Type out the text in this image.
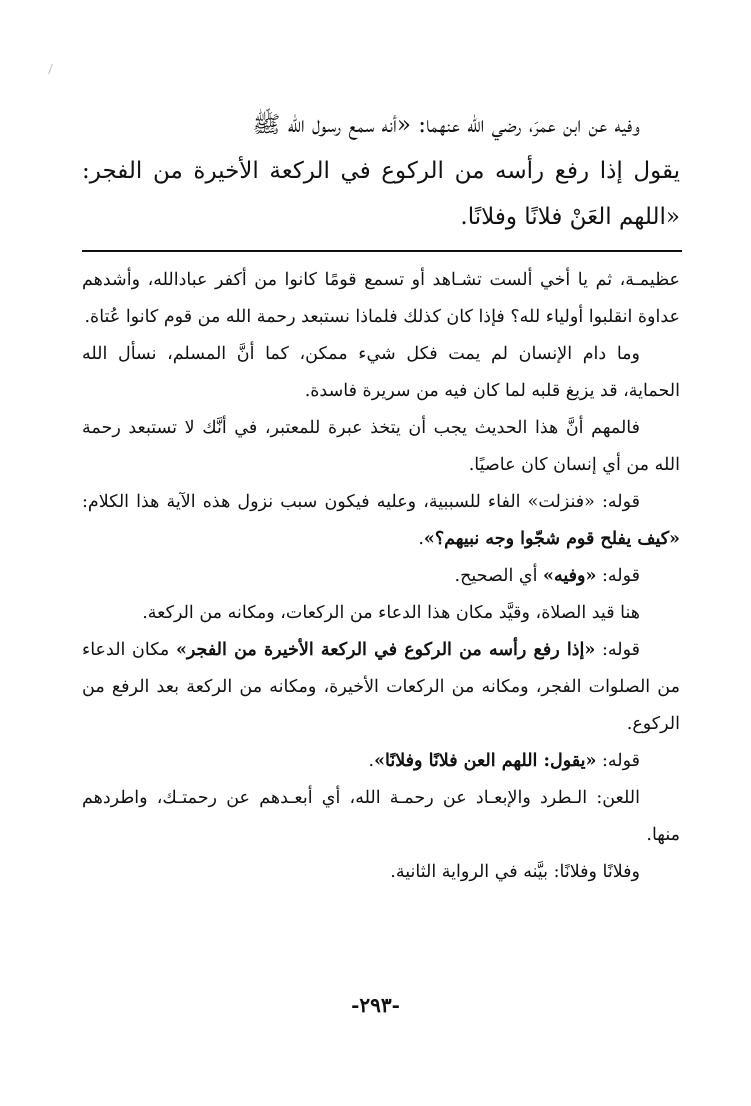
وفيه عن ابن عمرَ، رضي الله عنهما: «أنه سمع رسول الله ﷺ

يقول إذا رفع رأسه من الركوع في الركعة الأخيرة من الفجر: «اللهم العَنْ فلانًا وفلانًا.

عظيمـة، ثم يا أخي ألست تشـاهد أو تسمع قومًا كانوا من أكفر عبادالله، وأشدهم عداوة انقلبوا أولياء لله؟ فإذا كان كذلك فلماذا نستبعد رحمة الله من قوم كانوا عُتاة.

وما دام الإنسان لم يمت فكل شيء ممكن، كما أنَّ المسلم، نسأل الله الحماية، قد يزيغ قلبه لما كان فيه من سريرة فاسدة.

فالمهم أنَّ هذا الحديث يجب أن يتخذ عبرة للمعتبر، في أنَّك لا تستبعد رحمة الله من أي إنسان كان عاصيًا.

قوله: «فنزلت» الفاء للسببية، وعليه فيكون سبب نزول هذه الآية هذا الكلام: «كيف يفلح قوم شجّوا وجه نبيهم؟».

قوله: «وفيه» أي الصحيح.

هنا قيد الصلاة، وقيَّد مكان هذا الدعاء من الركعات، ومكانه من الركعة.

قوله: «إذا رفع رأسه من الركوع في الركعة الأخيرة من الفجر» مكان الدعاء من الصلوات الفجر، ومكانه من الركعات الأخيرة، ومكانه من الركعة بعد الرفع من الركوع.

قوله: «يقول: اللهم العن فلانًا وفلانًا».

اللعن: الـطرد والإبعـاد عن رحمـة الله، أي أبعـدهم عن رحمتـك، واطردهم منها.

وفلانًا وفلانًا: بيَّنه في الرواية الثانية.

-٢٩٣-
